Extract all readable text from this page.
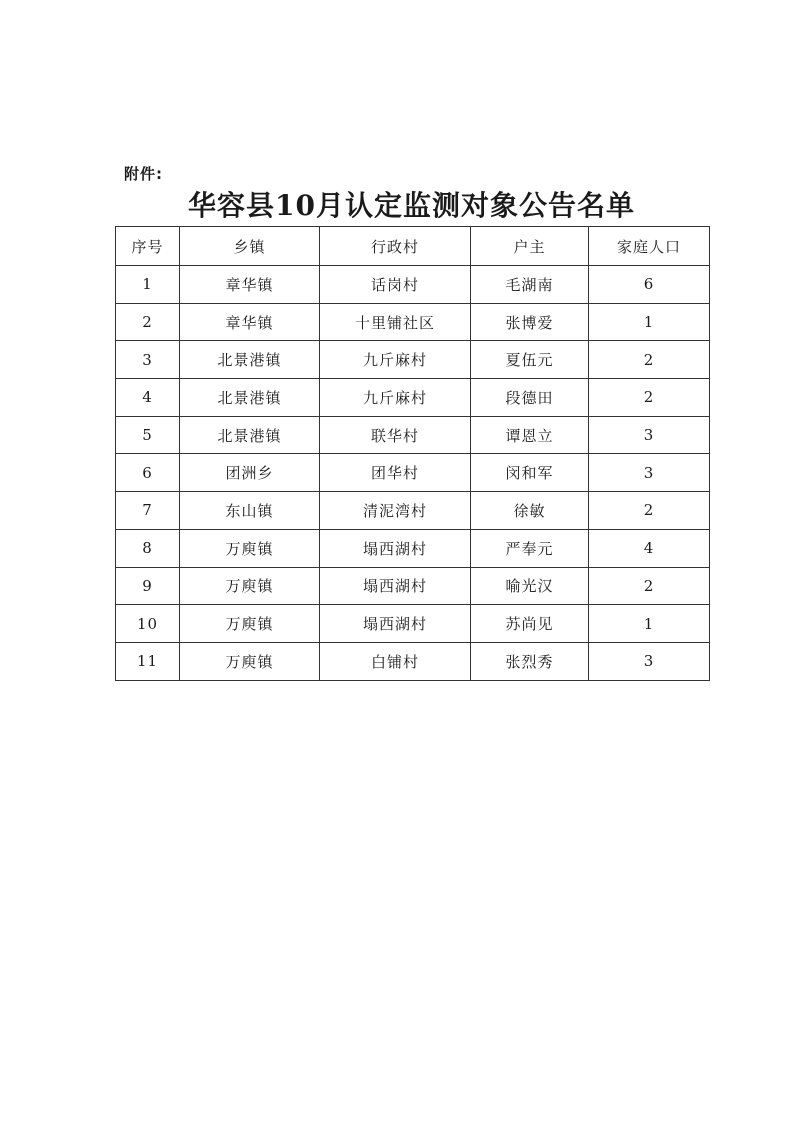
附件:
华容县10月认定监测对象公告名单
序号	乡镇	行政村	户主	家庭人口
1	章华镇	话岗村	毛湖南	6
2	章华镇	十里铺社区	张博爱	1
3	北景港镇	九斤麻村	夏伍元	2
4	北景港镇	九斤麻村	段德田	2
5	北景港镇	联华村	谭恩立	3
6	团洲乡	团华村	闵和军	3
7	东山镇	清泥湾村	徐敏	2
8	万庾镇	塌西湖村	严奉元	4
9	万庾镇	塌西湖村	喻光汉	2
10	万庾镇	塌西湖村	苏尚见	1
11	万庾镇	白铺村	张烈秀	3
